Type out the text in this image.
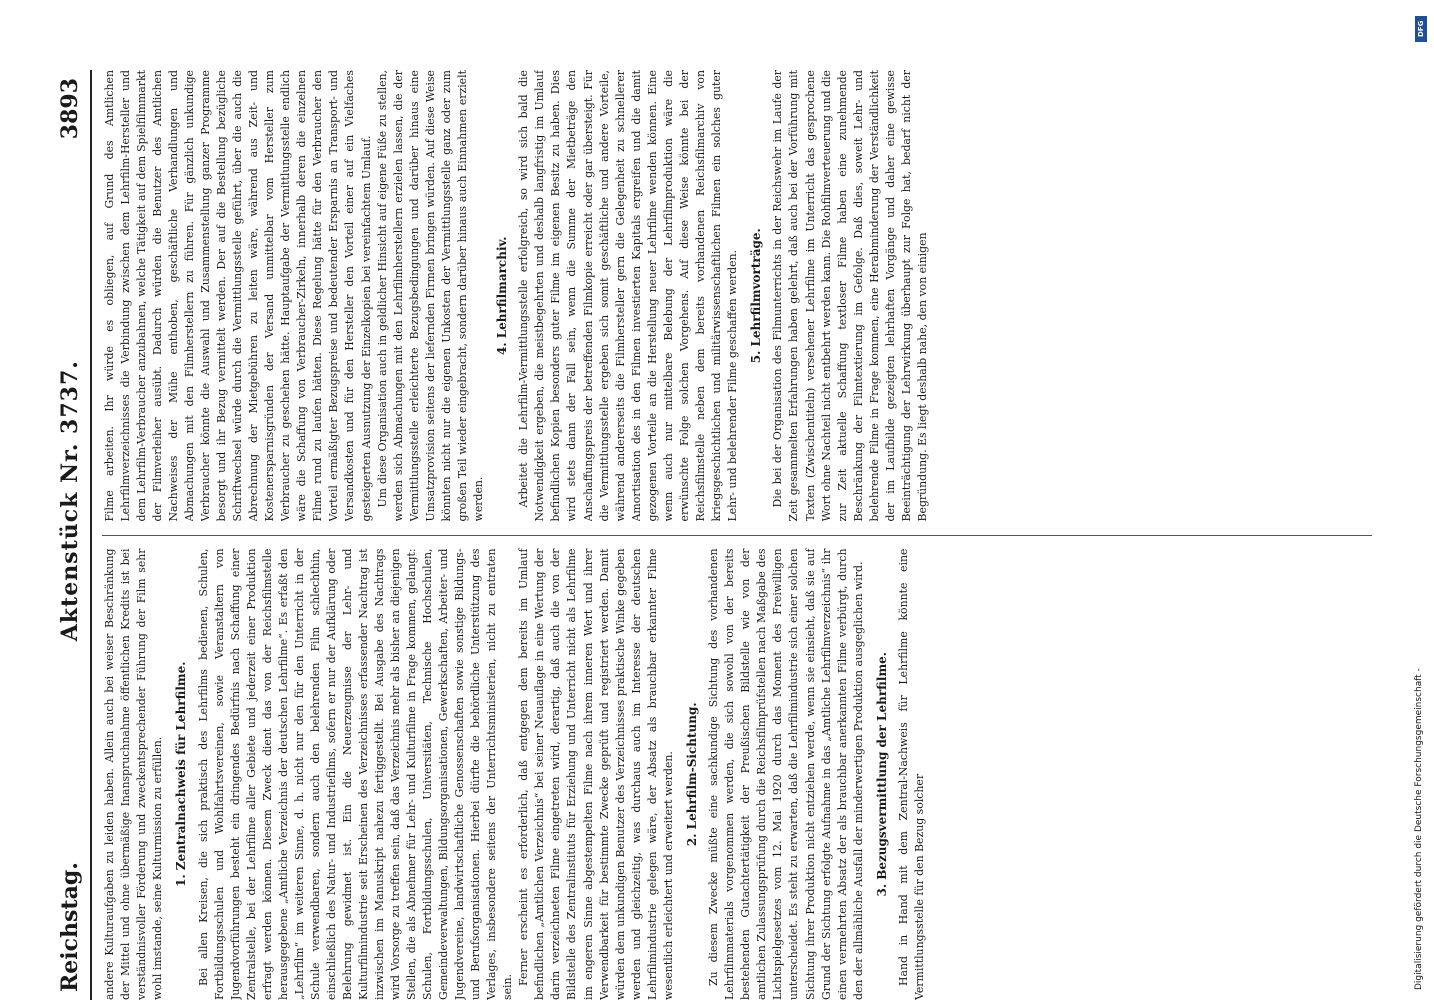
Reichstag.
Aktenstück Nr. 3737.
3893

andere Kulturaufgaben zu leiden haben. Allein auch bei weiser Beschränkung der Mittel und ohne übermäßige Inanspruchnahme öffentlichen Kredits ist bei verständnisvoller Förderung und zweckentsprechender Führung der Film sehr wohl imstande, seine Kulturmission zu erfüllen. 1. Zentralnachweis für Lehrfilme. Bei allen Kreisen, die sich praktisch des Lehrfilms bedienen, Schulen, Fortbildungsschulen und Wohlfahrtsvereinen, sowie Veranstaltern von Jugendvorführungen besteht ein dringendes Bedürfnis nach Schaffung einer Zentralstelle, bei der Lehrfilme aller Gebiete und jederzeit einer Produktion erfragt werden können. Diesem Zweck dient das von der Reichsfilmstelle herausgegebene „Amtliche Verzeichnis der deutschen Lehrfilme“. Es erfaßt den „Lehrfilm“ im weiteren Sinne, d. h. nicht nur den für den Unterricht in der Schule verwendbaren, sondern auch den belehrenden Film schlechthin, einschließlich des Natur- und Industriefilms, sofern er nur der Aufklärung oder Belehrung gewidmet ist. Ein die Neuerzeugnisse der Lehr- und Kulturfilmindustrie seit Erscheinen des Verzeichnisses erfassender Nachtrag ist inzwischen im Manuskript nahezu fertiggestellt. Bei Ausgabe des Nachtrags wird Vorsorge zu treffen sein, daß das Verzeichnis mehr als bisher an diejenigen Stellen, die als Abnehmer für Lehr- und Kulturfilme in Frage kommen, gelangt: Schulen, Fortbildungsschulen, Universitäten, Technische Hochschulen, Gemeindeverwaltungen, Bildungsorganisationen, Gewerkschaften, Arbeiter- und Jugendvereine, landwirtschaftliche Genossenschaften sowie sonstige Bildungs- und Berufsorganisationen. Hierbei dürfte die behördliche Unterstützung des Verlages, insbesondere seitens der Unterrichtsministerien, nicht zu entraten sein.

Ferner erscheint es erforderlich, daß entgegen dem bereits im Umlauf befindlichen „Amtlichen Verzeichnis“ bei seiner Neuauflage in eine Wertung der darin verzeichneten Filme eingetreten wird, derartig, daß auch die von der Bildstelle des Zentralinstituts für Erziehung und Unterricht nicht als Lehrfilme im engeren Sinne abgestempelten Filme nach ihrem inneren Wert und ihrer Verwendbarkeit für bestimmte Zwecke geprüft und registriert werden. Damit würden dem unkundigen Benutzer des Verzeichnisses praktische Winke gegeben werden und gleichzeitig, was durchaus auch im Interesse der deutschen Lehrfilmindustrie gelegen wäre, der Absatz als brauchbar erkannter Filme wesentlich erleichtert und erweitert werden. 2. Lehrfilm-Sichtung. Zu diesem Zwecke müßte eine sachkundige Sichtung des vorhandenen Lehrfilmmaterials vorgenommen werden, die sich sowohl von der bereits bestehenden Gutachtertätigkeit der Preußischen Bildstelle wie von der amtlichen Zulassungsprüfung durch die Reichsfilmprüfstellen nach Maßgabe des Lichtspielgesetzes vom 12. Mai 1920 durch das Moment des Freiwilligen unterscheidet. Es steht zu erwarten, daß die Lehrfilmindustrie sich einer solchen Sichtung ihrer Produktion nicht entziehen werde, wenn sie einsieht, daß sie auf Grund der Sichtung erfolgte Aufnahme in das „Amtliche Lehrfilmverzeichnis“ ihr einen vermehrten Absatz der als brauchbar anerkannten Filme verbürgt, durch den der allmähliche Ausfall der minderwertigen Produktion ausgeglichen wird. 3. Bezugsvermittlung der Lehrfilme. Hand in Hand mit dem Zentral-Nachweis für Lehrfilme könnte eine Vermittlungsstelle für den Bezug solcher

Filme arbeiten. Ihr würde es obliegen, auf Grund des Amtlichen Lehrfilmverzeichnisses die Verbindung zwischen dem Lehrfilm-Hersteller und dem Lehrfilm-Verbraucher anzubahnen, welche Tätigkeit auf dem Spielfilmmarkt der Filmverleiher ausübt. Dadurch würden die Benutzer des Amtlichen Nachweises der Mühe enthoben, geschäftliche Verhandlungen und Abmachungen mit den Filmherstellern zu führen. Für gänzlich unkundige Verbraucher könnte die Auswahl und Zusammenstellung ganzer Programme besorgt und ihr Bezug vermittelt werden. Der auf die Bestellung bezügliche Schriftwechsel würde durch die Vermittlungsstelle geführt, über die auch die Abrechnung der Mietgebühren zu leiten wäre, während aus Zeit- und Kostenersparnisgründen der Versand unmittelbar vom Hersteller zum Verbraucher zu geschehen hätte. Hauptaufgabe der Vermittlungsstelle endlich wäre die Schaffung von Verbraucher-Zirkeln, innerhalb deren die einzelnen Filme rund zu laufen hätten. Diese Regelung hätte für den Verbraucher den Vorteil ermäßigter Bezugspreise und bedeutender Ersparnis an Transport- und Versandkosten und für den Hersteller den Vorteil einer auf ein Vielfaches gesteigerten Ausnutzung der Einzelkopien bei vereinfachtem Umlauf. Um diese Organisation auch in geldlicher Hinsicht auf eigene Füße zu stellen, werden sich Abmachungen mit den Lehrfilmherstellern erzielen lassen, die der Vermittlungsstelle erleichterte Bezugsbedingungen und darüber hinaus eine Umsatzprovision seitens der liefernden Firmen bringen würden. Auf diese Weise könnten nicht nur die eigenen Unkosten der Vermittlungsstelle ganz oder zum großen Teil wieder eingebracht, sondern darüber hinaus auch Einnahmen erzielt werden.

4. Lehrfilmarchiv. Arbeitet die Lehrfilm-Vermittlungsstelle erfolgreich, so wird sich bald die Notwendigkeit ergeben, die meistbegehrten und deshalb langfristig im Umlauf befindlichen Kopien besonders guter Filme im eigenen Besitz zu haben. Dies wird stets dann der Fall sein, wenn die Summe der Mietbeträge den Anschaffungspreis der betreffenden Filmkopie erreicht oder gar übersteigt. Für die Vermittlungsstelle ergeben sich somit geschäftliche und andere Vorteile, während andererseits die Filmhersteller gern die Gelegenheit zu schnellerer Amortisation des in den Filmen investierten Kapitals ergreifen und die damit gezogenen Vorteile an die Herstellung neuer Lehrfilme wenden können. Eine wenn auch nur mittelbare Belebung der Lehrfilmproduktion wäre die erwünschte Folge solchen Vorgehens. Auf diese Weise könnte bei der Reichsfilmstelle neben dem bereits vorhandenen Reichsfilmarchiv von kriegsgeschichtlichen und militärwissenschaftlichen Filmen ein solches guter Lehr- und belehrender Filme geschaffen werden. 5. Lehrfilmvorträge. Die bei der Organisation des Filmunterrichts in der Reichswehr im Laufe der Zeit gesammelten Erfahrungen haben gelehrt, daß auch bei der Vorführung mit Texten (Zwischentiteln) versehener Lehrfilme im Unterricht das gesprochene Wort ohne Nachteil nicht entbehrt werden kann. Die Rohfilmverteuerung und die zur Zeit aktuelle Schaffung textloser Filme haben eine zunehmende Beschränkung der Filmtextierung im Gefolge. Daß dies, soweit Lehr- und belehrende Filme in Frage kommen, eine Herabminderung der Verständlichkeit der im Laufbilde gezeigten lehrhaften Vorgänge und daher eine gewisse Beeinträchtigung der Lehrwirkung überhaupt zur Folge hat, bedarf nicht der Begründung. Es liegt deshalb nahe, den von einigen

DFG
Digitalisierung gefördert durch die Deutsche Forschungsgemeinschaft -
